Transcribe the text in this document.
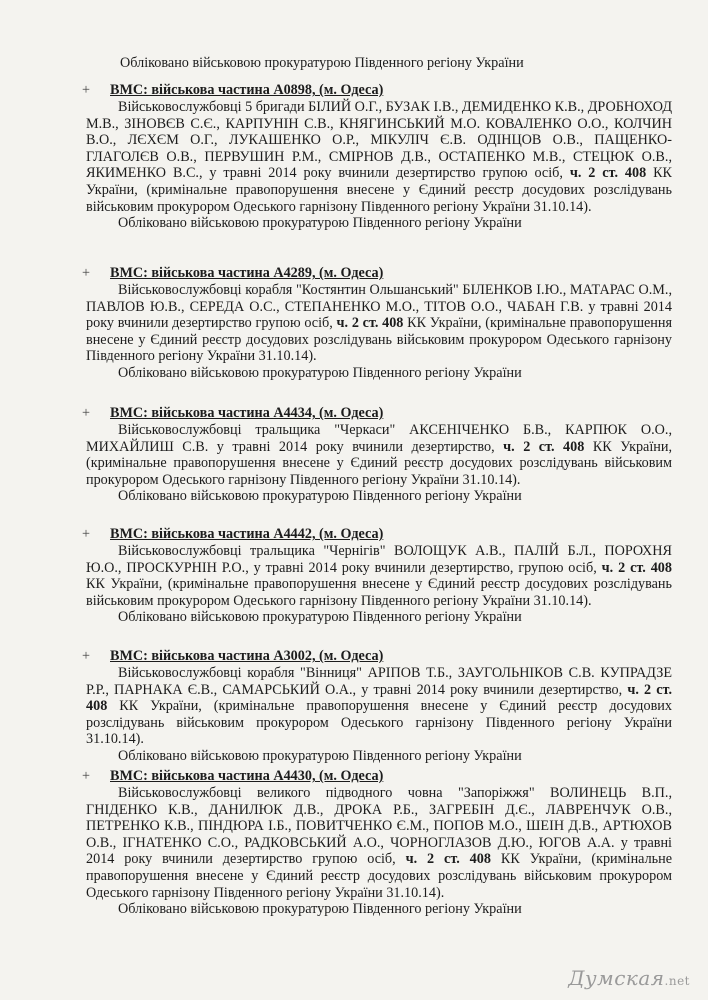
Обліковано військовою прокуратурою Південного регіону України
+ ВМС: військова частина А0898, (м. Одеса)

Військовослужбовці 5 бригади БІЛИЙ О.Г., БУЗАК І.В., ДЕМИДЕНКО К.В., ДРОБНОХОД М.В., ЗІНОВЄВ С.Є., КАРПУНІН С.В., КНЯГИНСЬКИЙ М.О. КОВАЛЕНКО О.О., КОЛЧИН В.О., ЛЄХЄМ О.Г., ЛУКАШЕНКО О.Р., МІКУЛІЧ Є.В. ОДІНЦОВ О.В., ПАЩЕНКО-ГЛАГОЛЄВ О.В., ПЕРВУШИН Р.М., СМІРНОВ Д.В., ОСТАПЕНКО М.В., СТЕЦЮК О.В., ЯКИМЕНКО В.С., у травні 2014 року вчинили дезертирство групою осіб, ч. 2 ст. 408 КК України, (кримінальне правопорушення внесене у Єдиний реєстр досудових розслідувань військовим прокурором Одеського гарнізону Південного регіону України 31.10.14).

Обліковано військовою прокуратурою Південного регіону України
+ ВМС: військова частина А4289, (м. Одеса)

Військовослужбовці корабля "Костянтин Ольшанський" БІЛЕНКОВ І.Ю., МАТАРАС О.М., ПАВЛОВ Ю.В., СЕРЕДА О.С., СТЕПАНЕНКО М.О., ТІТОВ О.О., ЧАБАН Г.В. у травні 2014 року вчинили дезертирство групою осіб, ч. 2 ст. 408 КК України, (кримінальне правопорушення внесене у Єдиний реєстр досудових розслідувань військовим прокурором Одеського гарнізону Південного регіону України 31.10.14).

Обліковано військовою прокуратурою Південного регіону України
+ ВМС: військова частина А4434, (м. Одеса)

Військовослужбовці тральщика "Черкаси" АКСЕНІЧЕНКО Б.В., КАРПЮК О.О., МИХАЙЛИШ С.В. у травні 2014 року вчинили дезертирство, ч. 2 ст. 408 КК України, (кримінальне правопорушення внесене у Єдиний реєстр досудових розслідувань військовим прокурором Одеського гарнізону Південного регіону України 31.10.14).

Обліковано військовою прокуратурою Південного регіону України
+ ВМС: військова частина А4442, (м. Одеса)

Військовослужбовці тральщика "Чернігів" ВОЛОЩУК А.В., ПАЛІЙ Б.Л., ПОРОХНЯ Ю.О., ПРОСКУРНІН Р.О., у травні 2014 року вчинили дезертирство, групою осіб, ч. 2 ст. 408 КК України, (кримінальне правопорушення внесене у Єдиний реєстр досудових розслідувань військовим прокурором Одеського гарнізону Південного регіону України 31.10.14).

Обліковано військовою прокуратурою Південного регіону України
+ ВМС: військова частина А3002, (м. Одеса)

Військовослужбовці корабля "Вінниця" АРІПОВ Т.Б., ЗАУГОЛЬНІКОВ С.В. КУПРАДЗЕ Р.Р., ПАРНАКА Є.В., САМАРСЬКИЙ О.А., у травні 2014 року вчинили дезертирство, ч. 2 ст. 408 КК України, (кримінальне правопорушення внесене у Єдиний реєстр досудових розслідувань військовим прокурором Одеського гарнізону Південного регіону України 31.10.14).

Обліковано військовою прокуратурою Південного регіону України
+ ВМС: військова частина А4430, (м. Одеса)

Військовослужбовці великого підводного човна "Запоріжжя" ВОЛИНЕЦЬ В.П., ГНІДЕНКО К.В., ДАНИЛЮК Д.В., ДРОКА Р.Б., ЗАГРЕБІН Д.Є., ЛАВРЕНЧУК О.В., ПЕТРЕНКО К.В., ПІНДЮРА І.Б., ПОВИТЧЕНКО Є.М., ПОПОВ М.О., ШЕІН Д.В., АРТЮХОВ О.В., ІГНАТЕНКО С.О., РАДКОВСЬКИЙ А.О., ЧОРНОГЛАЗОВ Д.Ю., ЮГОВ А.А. у травні 2014 року вчинили дезертирство групою осіб, ч. 2 ст. 408 КК України, (кримінальне правопорушення внесене у Єдиний реєстр досудових розслідувань військовим прокурором Одеського гарнізону Південного регіону України 31.10.14).

Обліковано військовою прокуратурою Південного регіону України
Думская.net
